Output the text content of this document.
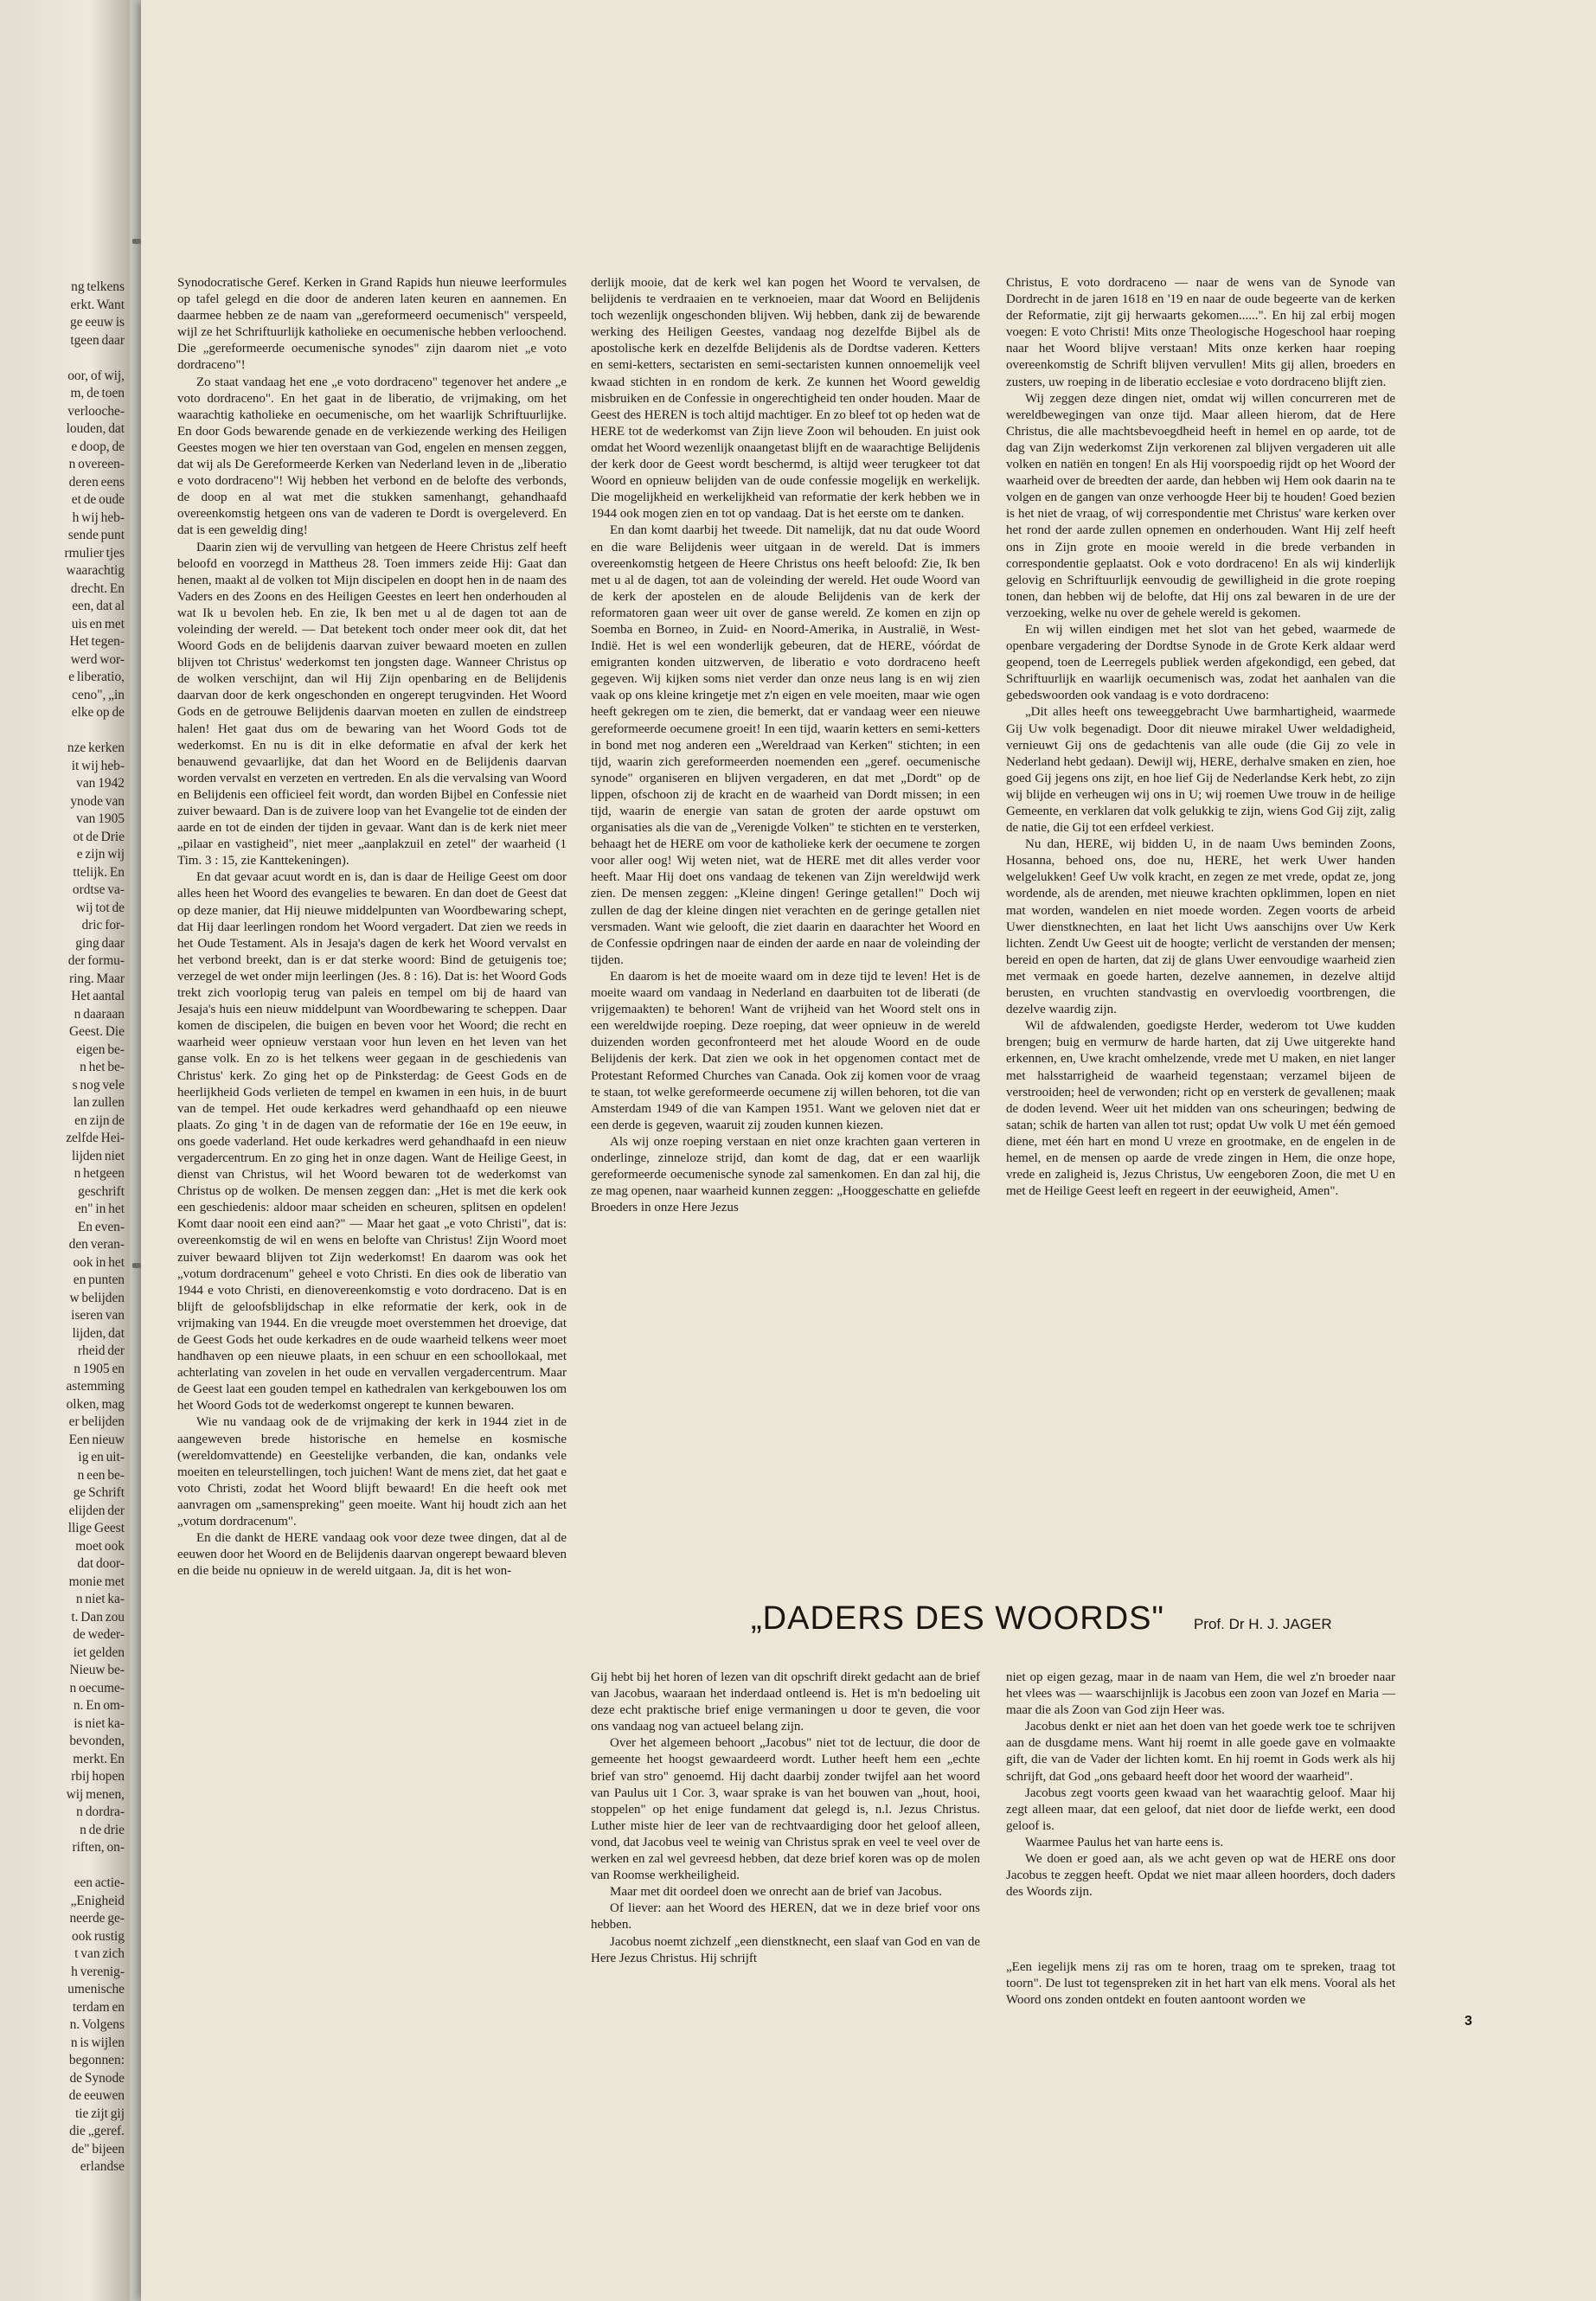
ng telkens
erkt. Want
ge eeuw is
tgeen daar
oor, of wij,
m, de toen
verlooche-
louden, dat
e doop, de
n overeen-
deren eens
et de oude
h wij heb-
sende punt
rmulier tjes
waarachtig
drecht. En
een, dat al
uis en met
Het tegen-
werd wor-
e liberatio,
ceno", „in
elke op de
nze kerken
it wij heb-
van 1942
ynode van
van 1905
ot de Drie
e zijn wij
ttelijk. En
ordtse va-
wij tot de
dric for-
ging daar
der formu-
ring. Maar
Het aantal
n daaraan
Geest. Die
eigen be-
n het be-
s nog vele
lan zullen
en zijn de
zelfde Hei-
lijden niet
n hetgeen
geschrift
en" in het
En even-
den veran-
ook in het
en punten
w belijden
iseren van
lijden, dat
rheid der
n 1905 en
astemming
olken, mag
er belijden
Een nieuw
ig en uit-
n een be-
ge Schrift
elijden der
llige Geest
moet ook
dat door-
monie met
n niet ka-
t. Dan zou
de weder-
iet gelden
Nieuw be-
n oecume-
n. En om-
is niet ka-
bevonden,
merkt. En
rbij hopen
wij menen,
n dordra-
n de drie
riften, on-
een actie-
„Enigheid
neerde ge-
ook rustig
t van zich
h verenig-
umenische
terdam en
n. Volgens
n is wijlen
begonnen:
de Synode
de eeuwen
tie zijt gij
die „geref.
de" bijeen
erlandse

Synodocratische Geref. Kerken in Grand Rapids hun nieuwe leerformules op tafel gelegd en die door de anderen laten keuren en aannemen. En daarmee hebben ze de naam van „gereformeerd oecumenisch" verspeeld, wijl ze het Schriftuurlijk katholieke en oecumenische hebben verloochend. Die „gereformeerde oecumenische synodes" zijn daarom niet „e voto dordraceno"!

Zo staat vandaag het ene „e voto dordraceno" tegenover het andere „e voto dordraceno". En het gaat in de liberatio, de vrijmaking, om het waarachtig katholieke en oecumenische, om het waarlijk Schriftuurlijke. En door Gods bewarende genade en de verkiezende werking des Heiligen Geestes mogen we hier ten overstaan van God, engelen en mensen zeggen, dat wij als De Gereformeerde Kerken van Nederland leven in de „liberatio e voto dordraceno"! Wij hebben het verbond en de belofte des verbonds, de doop en al wat met die stukken samenhangt, gehandhaafd overeenkomstig hetgeen ons van de vaderen te Dordt is overgeleverd. En dat is een geweldig ding!

Daarin zien wij de vervulling van hetgeen de Heere Christus zelf heeft beloofd en voorzegd in Mattheus 28. Toen immers zeide Hij: Gaat dan henen, maakt al de volken tot Mijn discipelen en doopt hen in de naam des Vaders en des Zoons en des Heiligen Geestes en leert hen onderhouden al wat Ik u bevolen heb. En zie, Ik ben met u al de dagen tot aan de voleinding der wereld. — Dat betekent toch onder meer ook dit, dat het Woord Gods en de belijdenis daarvan zuiver bewaard moeten en zullen blijven tot Christus' wederkomst ten jongsten dage. Wanneer Christus op de wolken verschijnt, dan wil Hij Zijn openbaring en de Belijdenis daarvan door de kerk ongeschonden en ongerept terugvinden. Het Woord Gods en de getrouwe Belijdenis daarvan moeten en zullen de eindstreep halen! Het gaat dus om de bewaring van het Woord Gods tot de wederkomst. En nu is dit in elke deformatie en afval der kerk het benauwend gevaarlijke, dat dan het Woord en de Belijdenis daarvan worden vervalst en verzeten en vertreden. En als die vervalsing van Woord en Belijdenis een officieel feit wordt, dan worden Bijbel en Confessie niet zuiver bewaard. Dan is de zuivere loop van het Evangelie tot de einden der aarde en tot de einden der tijden in gevaar. Want dan is de kerk niet meer „pilaar en vastigheid", niet meer „aanplakzuil en zetel" der waarheid (1 Tim. 3 : 15, zie Kanttekeningen).

En dat gevaar acuut wordt en is, dan is daar de Heilige Geest om door alles heen het Woord des evangelies te bewaren. En dan doet de Geest dat op deze manier, dat Hij nieuwe middelpunten van Woordbewaring schept, dat Hij daar leerlingen rondom het Woord vergadert. Dat zien we reeds in het Oude Testament. Als in Jesaja's dagen de kerk het Woord vervalst en het verbond breekt, dan is er dat sterke woord: Bind de getuigenis toe; verzegel de wet onder mijn leerlingen (Jes. 8 : 16). Dat is: het Woord Gods trekt zich voorlopig terug van paleis en tempel om bij de haard van Jesaja's huis een nieuw middelpunt van Woordbewaring te scheppen. Daar komen de discipelen, die buigen en beven voor het Woord; die recht en waarheid weer opnieuw verstaan voor hun leven en het leven van het ganse volk. En zo is het telkens weer gegaan in de geschiedenis van Christus' kerk. Zo ging het op de Pinksterdag: de Geest Gods en de heerlijkheid Gods verlieten de tempel en kwamen in een huis, in de buurt van de tempel. Het oude kerkadres werd gehandhaafd op een nieuwe plaats. Zo ging 't in de dagen van de reformatie der 16e en 19e eeuw, in ons goede vaderland. Het oude kerkadres werd gehandhaafd in een nieuw vergadercentrum. En zo ging het in onze dagen. Want de Heilige Geest, in dienst van Christus, wil het Woord bewaren tot de wederkomst van Christus op de wolken. De mensen zeggen dan: „Het is met die kerk ook een geschiedenis: aldoor maar scheiden en scheuren, splitsen en opdelen! Komt daar nooit een eind aan?" — Maar het gaat „e voto Christi", dat is: overeenkomstig de wil en wens en belofte van Christus! Zijn Woord moet zuiver bewaard blijven tot Zijn wederkomst! En daarom was ook het „votum dordracenum" geheel e voto Christi. En dies ook de liberatio van 1944 e voto Christi, en dienovereenkomstig e voto dordraceno. Dat is en blijft de geloofsblijdschap in elke reformatie der kerk, ook in de vrijmaking van 1944. En die vreugde moet overstemmen het droevige, dat de Geest Gods het oude kerkadres en de oude waarheid telkens weer moet handhaven op een nieuwe plaats, in een schuur en een schoollokaal, met achterlating van zovelen in het oude en vervallen vergadercentrum. Maar de Geest laat een gouden tempel en kathedralen van kerkgebouwen los om het Woord Gods tot de wederkomst ongerept te kunnen bewaren.

Wie nu vandaag ook de de vrijmaking der kerk in 1944 ziet in de aangeweven brede historische en hemelse en kosmische (wereldomvattende) en Geestelijke verbanden, die kan, ondanks vele moeiten en teleurstellingen, toch juichen! Want de mens ziet, dat het gaat e voto Christi, zodat het Woord blijft bewaard! En die heeft ook met aanvragen om „samenspreking" geen moeite. Want hij houdt zich aan het „votum dordracenum".

En die dankt de HERE vandaag ook voor deze twee dingen, dat al de eeuwen door het Woord en de Belijdenis daarvan ongerept bewaard bleven en die beide nu opnieuw in de wereld uitgaan. Ja, dit is het won-

derlijk mooie, dat de kerk wel kan pogen het Woord te vervalsen, de belijdenis te verdraaien en te verknoeien, maar dat Woord en Belijdenis toch wezenlijk ongeschonden blijven. Wij hebben, dank zij de bewarende werking des Heiligen Geestes, vandaag nog dezelfde Bijbel als de apostolische kerk en dezelfde Belijdenis als de Dordtse vaderen. Ketters en semi-ketters, sectaristen en semi-sectaristen kunnen onnoemelijk veel kwaad stichten in en rondom de kerk. Ze kunnen het Woord geweldig misbruiken en de Confessie in ongerechtigheid ten onder houden. Maar de Geest des HEREN is toch altijd machtiger. En zo bleef tot op heden wat de HERE tot de wederkomst van Zijn lieve Zoon wil behouden. En juist ook omdat het Woord wezenlijk onaangetast blijft en de waarachtige Belijdenis der kerk door de Geest wordt beschermd, is altijd weer terugkeer tot dat Woord en opnieuw belijden van de oude confessie mogelijk en werkelijk. Die mogelijkheid en werkelijkheid van reformatie der kerk hebben we in 1944 ook mogen zien en tot op vandaag. Dat is het eerste om te danken.

En dan komt daarbij het tweede. Dit namelijk, dat nu dat oude Woord en die ware Belijdenis weer uitgaan in de wereld. Dat is immers overeenkomstig hetgeen de Heere Christus ons heeft beloofd: Zie, Ik ben met u al de dagen, tot aan de voleinding der wereld. Het oude Woord van de kerk der apostelen en de aloude Belijdenis van de kerk der reformatoren gaan weer uit over de ganse wereld. Ze komen en zijn op Soemba en Borneo, in Zuid- en Noord-Amerika, in Australië, in West-Indië. Het is wel een wonderlijk gebeuren, dat de HERE, vóórdat de emigranten konden uitzwerven, de liberatio e voto dordraceno heeft gegeven. Wij kijken soms niet verder dan onze neus lang is en wij zien vaak op ons kleine kringetje met z'n eigen en vele moeiten, maar wie ogen heeft gekregen om te zien, die bemerkt, dat er vandaag weer een nieuwe gereformeerde oecumene groeit! In een tijd, waarin ketters en semi-ketters in bond met nog anderen een „Wereldraad van Kerken" stichten; in een tijd, waarin zich gereformeerden noemenden een „geref. oecumenische synode" organiseren en blijven vergaderen, en dat met „Dordt" op de lippen, ofschoon zij de kracht en de waarheid van Dordt missen; in een tijd, waarin de energie van satan de groten der aarde opstuwt om organisaties als die van de „Verenigde Volken" te stichten en te versterken, behaagt het de HERE om voor de katholieke kerk der oecumene te zorgen voor aller oog! Wij weten niet, wat de HERE met dit alles verder voor heeft. Maar Hij doet ons vandaag de tekenen van Zijn wereldwijd werk zien. De mensen zeggen: „Kleine dingen! Geringe getallen!" Doch wij zullen de dag der kleine dingen niet verachten en de geringe getallen niet versmaden. Want wie gelooft, die ziet daarin en daarachter het Woord en de Confessie opdringen naar de einden der aarde en naar de voleinding der tijden.

En daarom is het de moeite waard om in deze tijd te leven! Het is de moeite waard om vandaag in Nederland en daarbuiten tot de liberati (de vrijgemaakten) te behoren! Want de vrijheid van het Woord stelt ons in een wereldwijde roeping. Deze roeping, dat weer opnieuw in de wereld duizenden worden geconfronteerd met het aloude Woord en de oude Belijdenis der kerk. Dat zien we ook in het opgenomen contact met de Protestant Reformed Churches van Canada. Ook zij komen voor de vraag te staan, tot welke gereformeerde oecumene zij willen behoren, tot die van Amsterdam 1949 of die van Kampen 1951. Want we geloven niet dat er een derde is gegeven, waaruit zij zouden kunnen kiezen.

Als wij onze roeping verstaan en niet onze krachten gaan verteren in onderlinge, zinneloze strijd, dan komt de dag, dat er een waarlijk gereformeerde oecumenische synode zal samenkomen. En dan zal hij, die ze mag openen, naar waarheid kunnen zeggen: „Hooggeschatte en geliefde Broeders in onze Here Jezus

Christus, E voto dordraceno — naar de wens van de Synode van Dordrecht in de jaren 1618 en '19 en naar de oude begeerte van de kerken der Reformatie, zijt gij herwaarts gekomen......". En hij zal erbij mogen voegen: E voto Christi! Mits onze Theologische Hogeschool haar roeping naar het Woord blijve verstaan! Mits onze kerken haar roeping overeenkomstig de Schrift blijven vervullen! Mits gij allen, broeders en zusters, uw roeping in de liberatio ecclesiae e voto dordraceno blijft zien.

Wij zeggen deze dingen niet, omdat wij willen concurreren met de wereldbewegingen van onze tijd. Maar alleen hierom, dat de Here Christus, die alle machtsbevoegdheid heeft in hemel en op aarde, tot de dag van Zijn wederkomst Zijn verkorenen zal blijven vergaderen uit alle volken en natiën en tongen! En als Hij voorspoedig rijdt op het Woord der waarheid over de breedten der aarde, dan hebben wij Hem ook daarin na te volgen en de gangen van onze verhoogde Heer bij te houden! Goed bezien is het niet de vraag, of wij correspondentie met Christus' ware kerken over het rond der aarde zullen opnemen en onderhouden. Want Hij zelf heeft ons in Zijn grote en mooie wereld in die brede verbanden in correspondentie geplaatst. Ook e voto dordraceno! En als wij kinderlijk gelovig en Schriftuurlijk eenvoudig de gewilligheid in die grote roeping tonen, dan hebben wij de belofte, dat Hij ons zal bewaren in de ure der verzoeking, welke nu over de gehele wereld is gekomen.

En wij willen eindigen met het slot van het gebed, waarmede de openbare vergadering der Dordtse Synode in de Grote Kerk aldaar werd geopend, toen de Leerregels publiek werden afgekondigd, een gebed, dat Schriftuurlijk en waarlijk oecumenisch was, zodat het aanhalen van die gebedswoorden ook vandaag is e voto dordraceno:

„Dit alles heeft ons teweeggebracht Uwe barmhartigheid, waarmede Gij Uw volk begenadigt. Door dit nieuwe mirakel Uwer weldadigheid, vernieuwt Gij ons de gedachtenis van alle oude (die Gij zo vele in Nederland hebt gedaan). Dewijl wij, HERE, derhalve smaken en zien, hoe goed Gij jegens ons zijt, en hoe lief Gij de Nederlandse Kerk hebt, zo zijn wij blijde en verheugen wij ons in U; wij roemen Uwe trouw in de heilige Gemeente, en verklaren dat volk gelukkig te zijn, wiens God Gij zijt, zalig de natie, die Gij tot een erfdeel verkiest.

Nu dan, HERE, wij bidden U, in de naam Uws beminden Zoons, Hosanna, behoed ons, doe nu, HERE, het werk Uwer handen welgelukken! Geef Uw volk kracht, en zegen ze met vrede, opdat ze, jong wordende, als de arenden, met nieuwe krachten opklimmen, lopen en niet mat worden, wandelen en niet moede worden. Zegen voorts de arbeid Uwer dienstknechten, en laat het licht Uws aanschijns over Uw Kerk lichten. Zendt Uw Geest uit de hoogte; verlicht de verstanden der mensen; bereid en open de harten, dat zij de glans Uwer eenvoudige waarheid zien met vermaak en goede harten, dezelve aannemen, in dezelve altijd berusten, en vruchten standvastig en overvloedig voortbrengen, die dezelve waardig zijn.

Wil de afdwalenden, goedigste Herder, wederom tot Uwe kudden brengen; buig en vermurw de harde harten, dat zij Uwe uitgerekte hand erkennen, en, Uwe kracht omhelzende, vrede met U maken, en niet langer met halsstarrigheid de waarheid tegenstaan; verzamel bijeen de verstrooiden; heel de verwonden; richt op en versterk de gevallenen; maak de doden levend. Weer uit het midden van ons scheuringen; bedwing de satan; schik de harten van allen tot rust; opdat Uw volk U met één gemoed diene, met één hart en mond U vreze en grootmake, en de engelen in de hemel, en de mensen op aarde de vrede zingen in Hem, die onze hope, vrede en zaligheid is, Jezus Christus, Uw eengeboren Zoon, die met U en met de Heilige Geest leeft en regeert in der eeuwigheid, Amen".

„DADERS DES WOORDS" Prof. Dr H. J. JAGER

Gij hebt bij het horen of lezen van dit opschrift direkt gedacht aan de brief van Jacobus, waaraan het inderdaad ontleend is. Het is m'n bedoeling uit deze echt praktische brief enige vermaningen u door te geven, die voor ons vandaag nog van actueel belang zijn.

Over het algemeen behoort „Jacobus" niet tot de lectuur, die door de gemeente het hoogst gewaardeerd wordt. Luther heeft hem een „echte brief van stro" genoemd. Hij dacht daarbij zonder twijfel aan het woord van Paulus uit 1 Cor. 3, waar sprake is van het bouwen van „hout, hooi, stoppelen" op het enige fundament dat gelegd is, n.l. Jezus Christus. Luther miste hier de leer van de rechtvaardiging door het geloof alleen, vond, dat Jacobus veel te weinig van Christus sprak en veel te veel over de werken en zal wel gevreesd hebben, dat deze brief koren was op de molen van Roomse werkheiligheid.

Maar met dit oordeel doen we onrecht aan de brief van Jacobus.

Of liever: aan het Woord des HEREN, dat we in deze brief voor ons hebben.

Jacobus noemt zichzelf „een dienstknecht, een slaaf van God en van de Here Jezus Christus. Hij schrijft

niet op eigen gezag, maar in de naam van Hem, die wel z'n broeder naar het vlees was — waarschijnlijk is Jacobus een zoon van Jozef en Maria — maar die als Zoon van God zijn Heer was.

Jacobus denkt er niet aan het doen van het goede werk toe te schrijven aan de dusgdame mens. Want hij roemt in alle goede gave en volmaakte gift, die van de Vader der lichten komt. En hij roemt in Gods werk als hij schrijft, dat God „ons gebaard heeft door het woord der waarheid".

Jacobus zegt voorts geen kwaad van het waarachtig geloof. Maar hij zegt alleen maar, dat een geloof, dat niet door de liefde werkt, een dood geloof is.

Waarmee Paulus het van harte eens is.

We doen er goed aan, als we acht geven op wat de HERE ons door Jacobus te zeggen heeft. Opdat we niet maar alleen hoorders, doch daders des Woords zijn.

„Een iegelijk mens zij ras om te horen, traag om te spreken, traag tot toorn". De lust tot tegenspreken zit in het hart van elk mens. Vooral als het Woord ons zonden ontdekt en fouten aantoont worden we

3
